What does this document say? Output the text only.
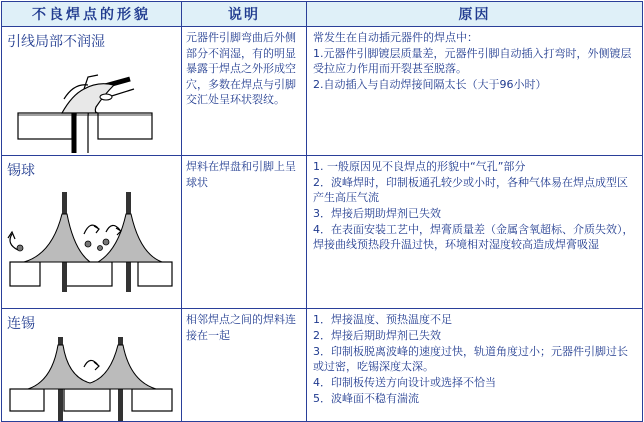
不良焊点的形貌	说明	原因

引线局部不润湿	元器件引脚弯曲后外侧部分不润湿，有的明显暴露于焊点之外形成空穴，多数在焊点与引脚交汇处呈环状裂纹。	常发生在自动插元器件的焊点中：
1.元器件引脚镀层质量差，元器件引脚自动插入打弯时，外侧镀层受拉应力作用而开裂甚至脱落。
2.自动插入与自动焊接间隔太长（大于96小时）

锡球	焊料在焊盘和引脚上呈球状	1. 一般原因见不良焊点的形貌中“气孔”部分
2．波峰焊时，印制板通孔较少或小时，各种气体易在焊点成型区产生高压气流
3．焊接后期助焊剂已失效
4．在表面安装工艺中，焊膏质量差（金属含氧超标、介质失效），焊接曲线预热段升温过快，环境相对湿度较高造成焊膏吸湿

连锡	相邻焊点之间的焊料连接在一起	1．焊接温度、预热温度不足
2．焊接后期助焊剂已失效
3．印制板脱离波峰的速度过快，轨道角度过小；元器件引脚过长或过密，吃锡深度太深。
4．印制板传送方向设计或选择不恰当
5．波峰面不稳有湍流
